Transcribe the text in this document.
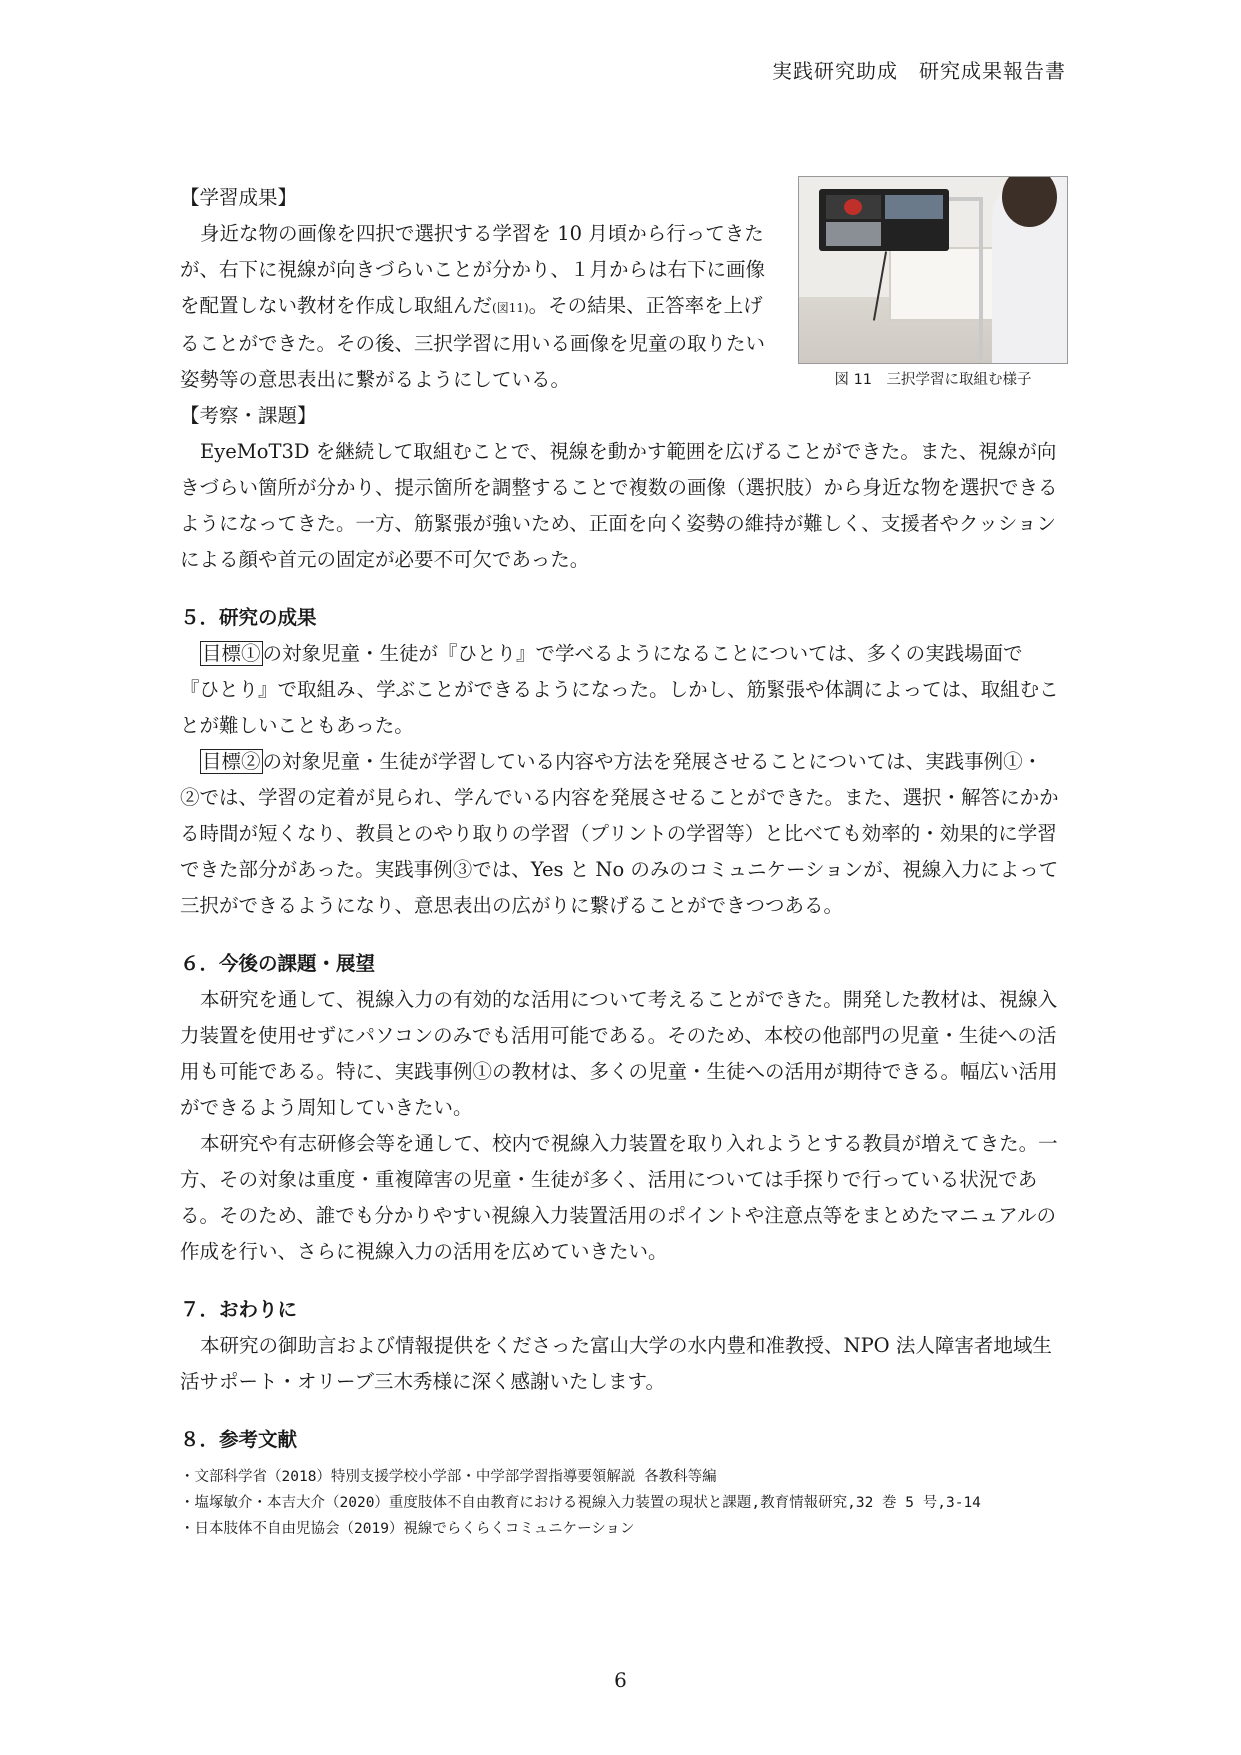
実践研究助成　研究成果報告書
図 11　三択学習に取組む様子
【学習成果】

身近な物の画像を四択で選択する学習を 10 月頃から行ってきたが、右下に視線が向きづらいことが分かり、１月からは右下に画像を配置しない教材を作成し取組んだ(図11)。その結果、正答率を上げることができた。その後、三択学習に用いる画像を児童の取りたい姿勢等の意思表出に繋がるようにしている。

【考察・課題】

EyeMoT3D を継続して取組むことで、視線を動かす範囲を広げることができた。また、視線が向きづらい箇所が分かり、提示箇所を調整することで複数の画像（選択肢）から身近な物を選択できるようになってきた。一方、筋緊張が強いため、正面を向く姿勢の維持が難しく、支援者やクッションによる顔や首元の固定が必要不可欠であった。

５．研究の成果

目標① の対象児童・生徒が『ひとり』で学べるようになることについては、多くの実践場面で『ひとり』で取組み、学ぶことができるようになった。しかし、筋緊張や体調によっては、取組むことが難しいこともあった。

目標② の対象児童・生徒が学習している内容や方法を発展させることについては、実践事例①・②では、学習の定着が見られ、学んでいる内容を発展させることができた。また、選択・解答にかかる時間が短くなり、教員とのやり取りの学習（プリントの学習等）と比べても効率的・効果的に学習できた部分があった。実践事例③では、Yes と No のみのコミュニケーションが、視線入力によって三択ができるようになり、意思表出の広がりに繋げることができつつある。

６．今後の課題・展望

本研究を通して、視線入力の有効的な活用について考えることができた。開発した教材は、視線入力装置を使用せずにパソコンのみでも活用可能である。そのため、本校の他部門の児童・生徒への活用も可能である。特に、実践事例①の教材は、多くの児童・生徒への活用が期待できる。幅広い活用ができるよう周知していきたい。

本研究や有志研修会等を通して、校内で視線入力装置を取り入れようとする教員が増えてきた。一方、その対象は重度・重複障害の児童・生徒が多く、活用については手探りで行っている状況である。そのため、誰でも分かりやすい視線入力装置活用のポイントや注意点等をまとめたマニュアルの作成を行い、さらに視線入力の活用を広めていきたい。

７．おわりに

本研究の御助言および情報提供をくださった富山大学の水内豊和准教授、NPO 法人障害者地域生活サポート・オリーブ三木秀様に深く感謝いたします。

８．参考文献

・文部科学省（2018）特別支援学校小学部・中学部学習指導要領解説 各教科等編

・塩塚敏介・本吉大介（2020）重度肢体不自由教育における視線入力装置の現状と課題,教育情報研究,32 巻 5 号,3-14

・日本肢体不自由児協会（2019）視線でらくらくコミュニケーション

6
